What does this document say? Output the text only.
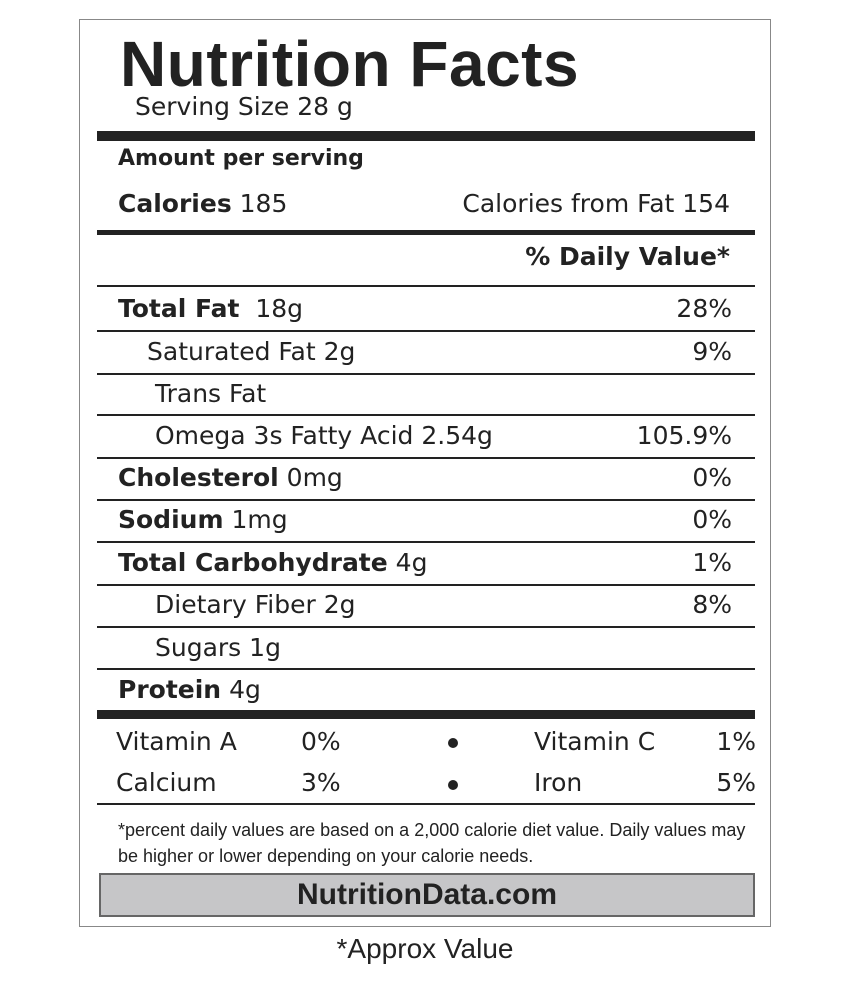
Nutrition Facts
Serving Size 28 g
Amount per serving
Calories 185	Calories from Fat 154
% Daily Value*
Total Fat 18g	28%
Saturated Fat 2g	9%
Trans Fat
Omega 3s Fatty Acid 2.54g	105.9%
Cholesterol 0mg	0%
Sodium 1mg	0%
Total Carbohydrate 4g	1%
Dietary Fiber 2g	8%
Sugars 1g
Protein 4g
Vitamin A	0%	Vitamin C 1%
Calcium	3%	Iron	5%
*percent daily values are based on a 2,000 calorie diet value. Daily values may be higher or lower depending on your calorie needs.
NutritionData.com
*Approx Value
